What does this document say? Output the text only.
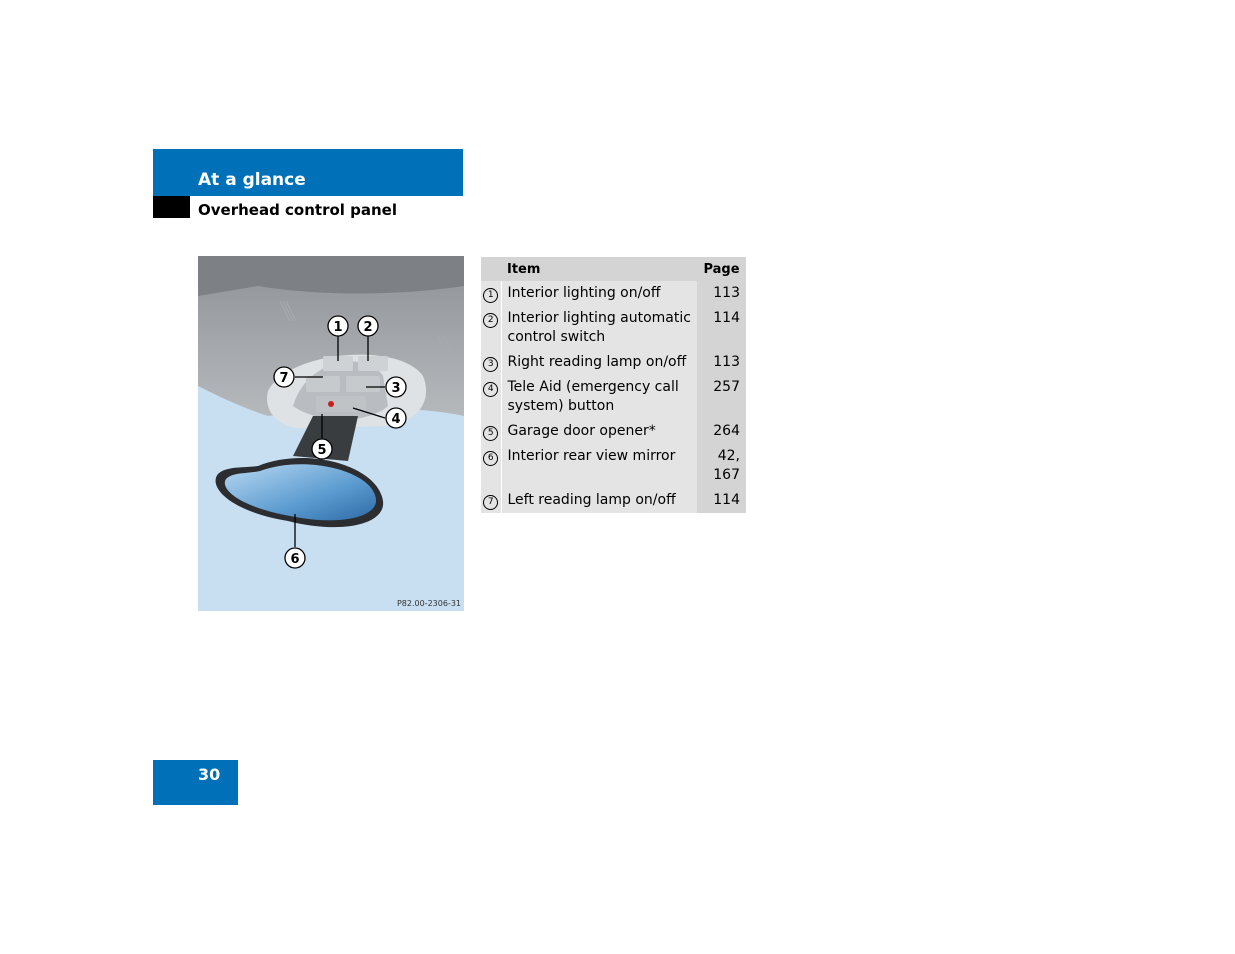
At a glance
Overhead control panel
1 2
3
4
5
6
7
P82.00-2306-31
	Item	Page
1	Interior lighting on/off	113
2	Interior lighting automatic control switch	114
3	Right reading lamp on/off	113
4	Tele Aid (emergency call system) button	257
5	Garage door opener*	264
6	Interior rear view mirror	42, 167
7	Left reading lamp on/off	114
30
